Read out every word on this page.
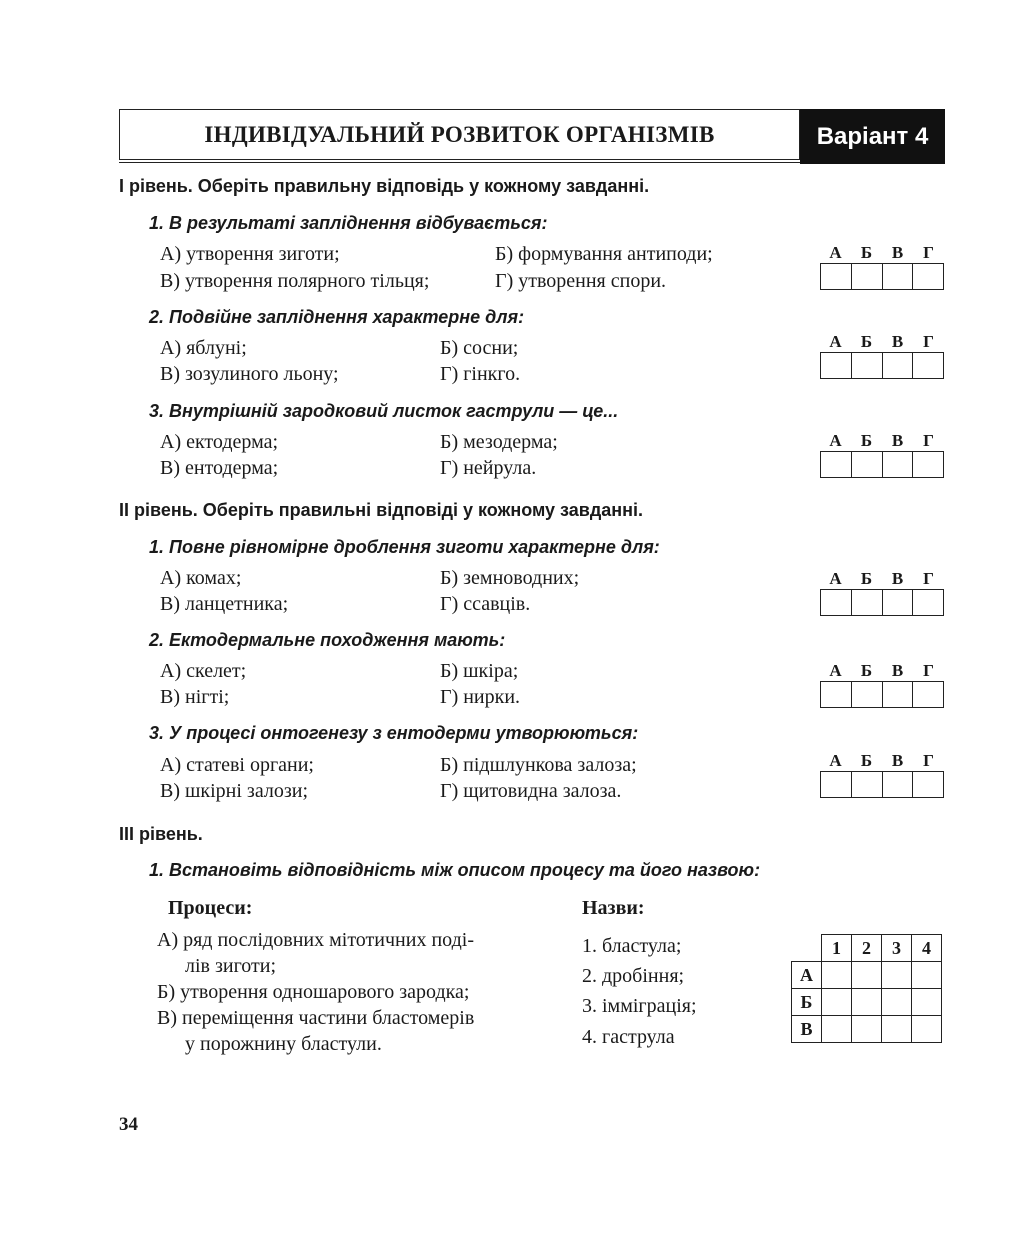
ІНДИВІДУАЛЬНИЙ РОЗВИТОК ОРГАНІЗМІВ	Варіант 4
I рівень. Оберіть правильну відповідь у кожному завданні.
1. В результаті запліднення відбувається:
А) утворення зиготи;	Б) формування антиподи;
В) утворення полярного тільця;	Г) утворення спори.
А	Б	В	Г
2. Подвійне запліднення характерне для:
А) яблуні;	Б) сосни;
В) зозулиного льону;	Г) гінкго.
А	Б	В	Г
3. Внутрішній зародковий листок гаструли — це...
А) ектодерма;	Б) мезодерма;
В) ентодерма;	Г) нейрула.
А	Б	В	Г
II рівень. Оберіть правильні відповіді у кожному завданні.
1. Повне рівномірне дроблення зиготи характерне для:
А) комах;	Б) земноводних;
В) ланцетника;	Г) ссавців.
А	Б	В	Г
2. Ектодермальне походження мають:
А) скелет;	Б) шкіра;
В) нігті;	Г) нирки.
А	Б	В	Г
3. У процесі онтогенезу з ентодерми утворюються:
А) статеві органи;	Б) підшлункова залоза;
В) шкірні залози;	Г) щитовидна залоза.
А	Б	В	Г
III рівень.
1. Встановіть відповідність між описом процесу та його назвою:
Процеси:
А) ряд послідовних мітотичних поді-
лів зиготи;
Б) утворення одношарового зародка;
В) переміщення частини бластомерів
у порожнину бластули.
Назви:
1. бластула;
2. дробіння;
3. іммiграція;
4. гаструла
	1	2	3	4
А				
Б				
В				
34
